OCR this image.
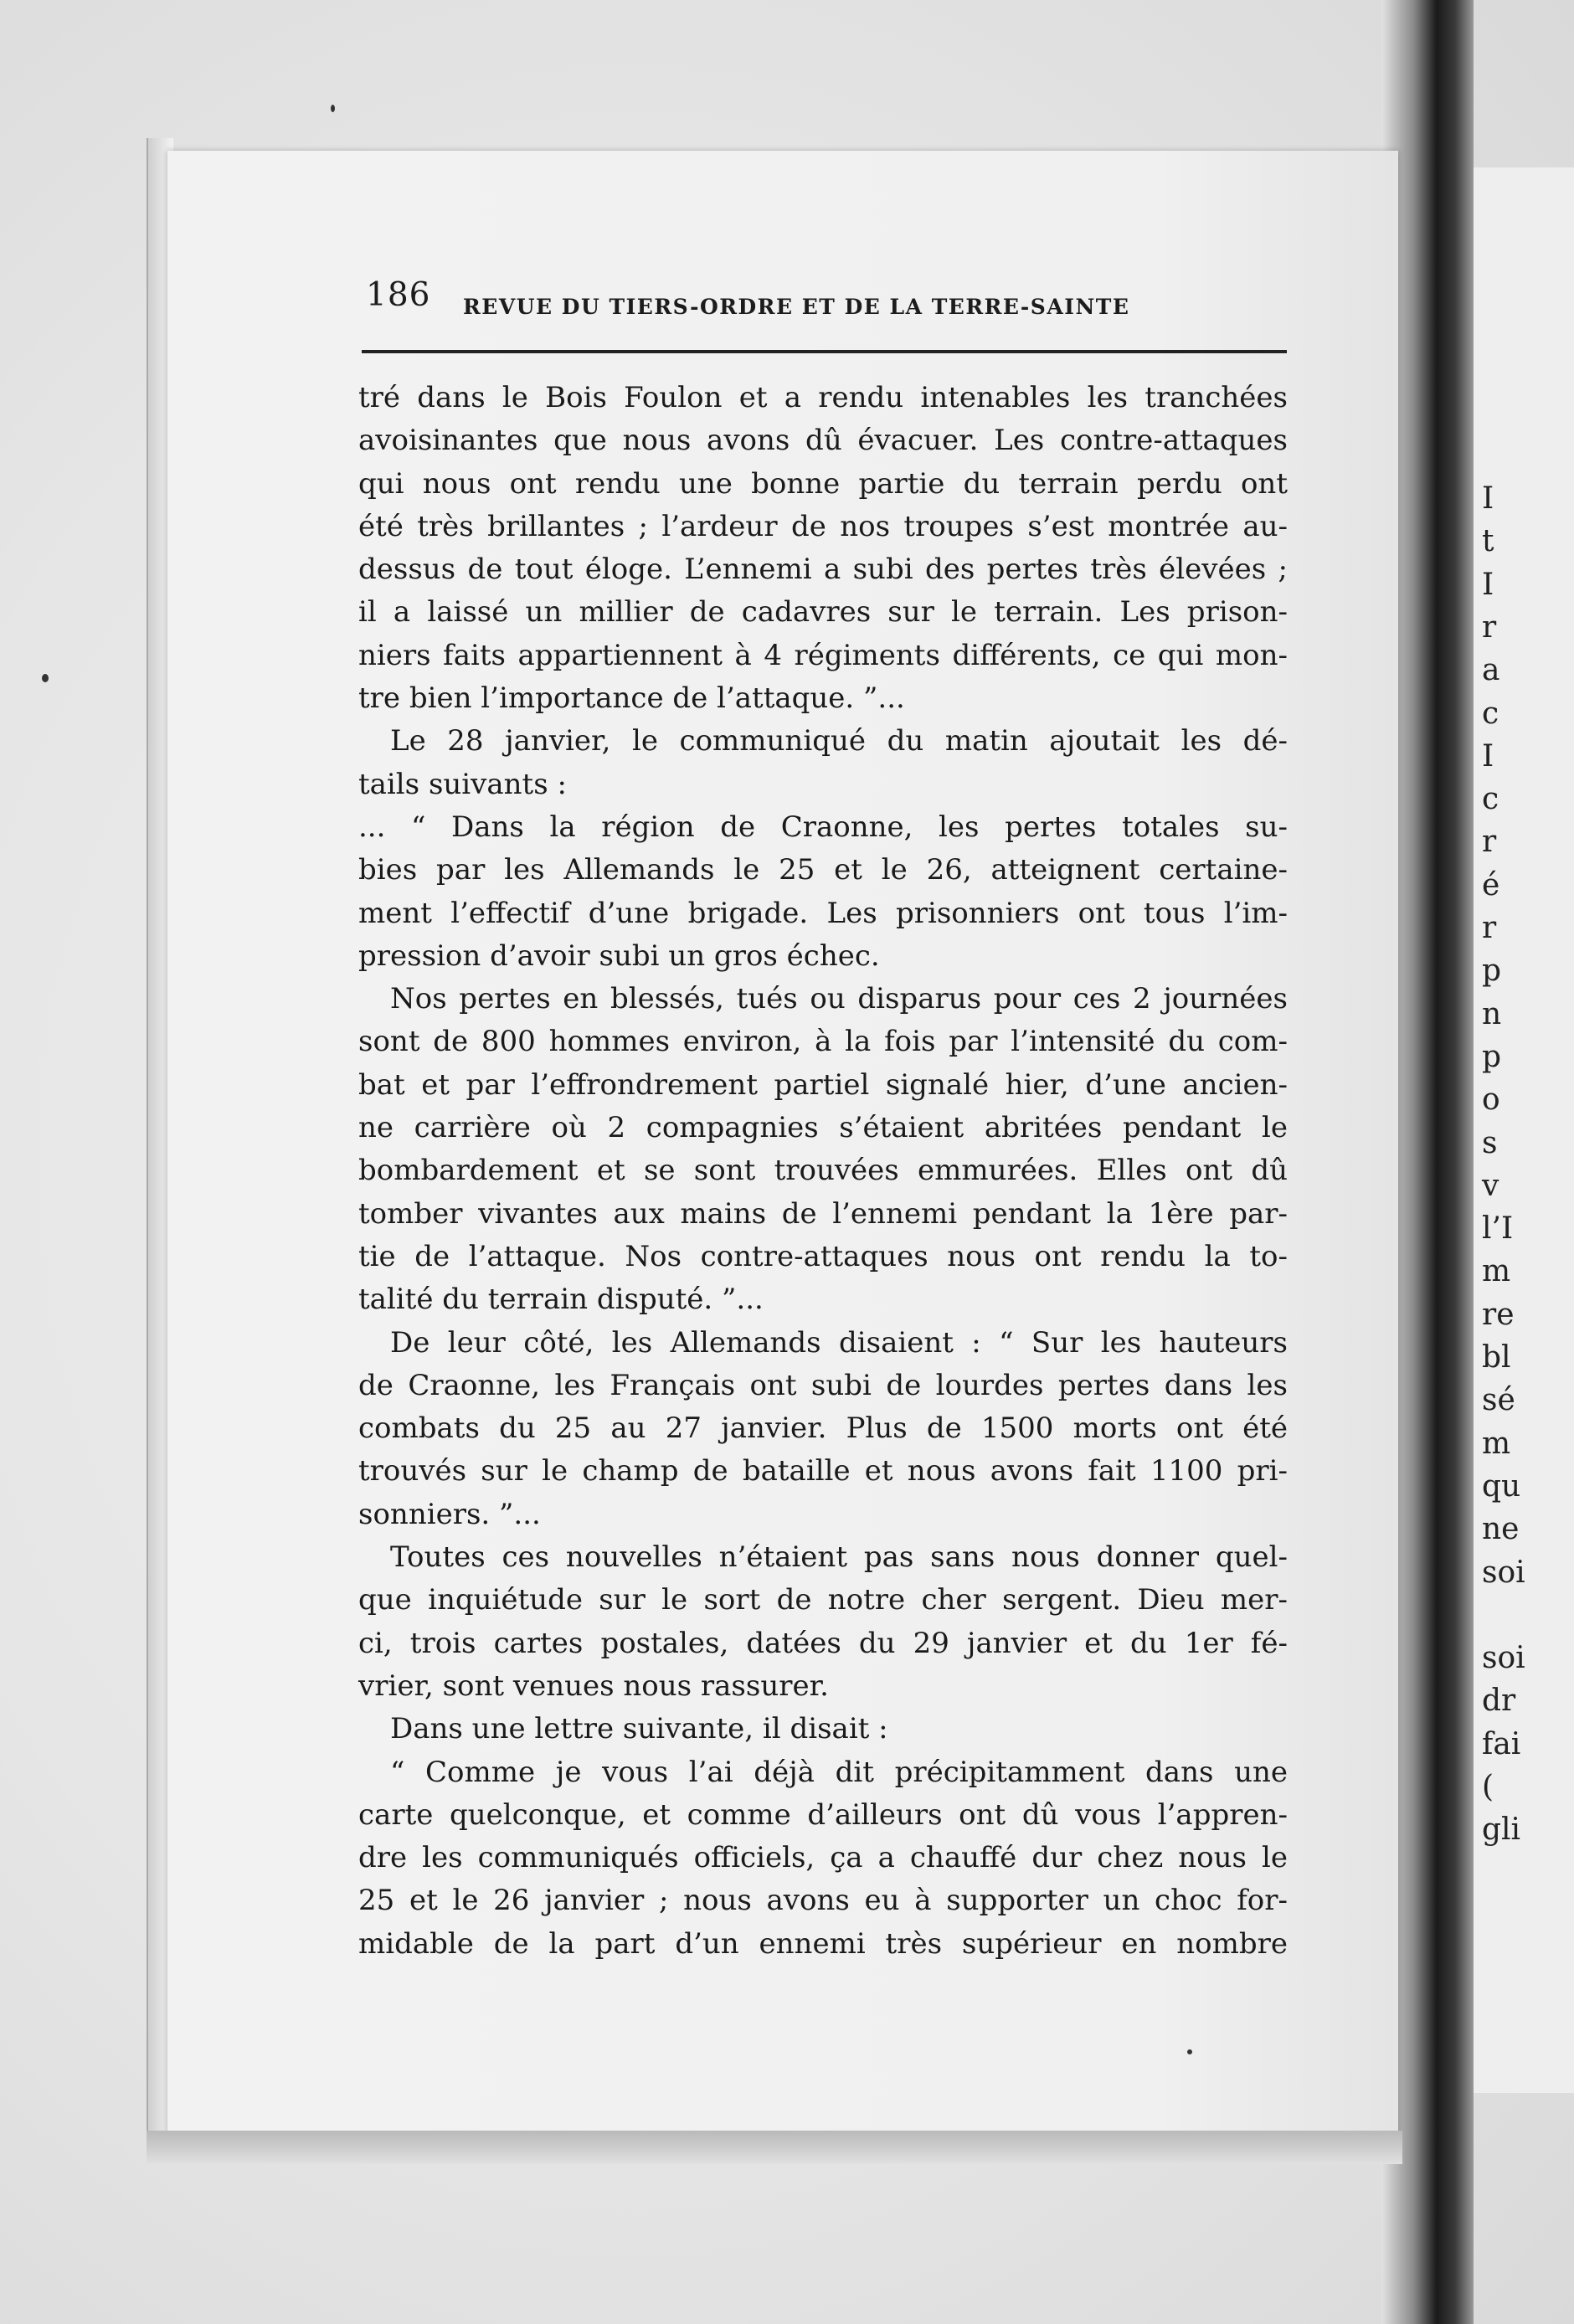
I
t
I
r
a
c
I
c
r
é
r
p
n
p
o
s
v
l’I
m
re
bl
sé
m
qu
ne
soi
soi
dr
fai
(
gli
186 REVUE DU TIERS-ORDRE ET DE LA TERRE-SAINTE
tré dans le Bois Foulon et a rendu intenables les tranchées
avoisinantes que nous avons dû évacuer. Les contre-attaques
qui nous ont rendu une bonne partie du terrain perdu ont
été très brillantes ; l’ardeur de nos troupes s’est montrée au-
dessus de tout éloge. L’ennemi a subi des pertes très élevées ;
il a laissé un millier de cadavres sur le terrain. Les prison-
niers faits appartiennent à 4 régiments différents, ce qui mon-
tre bien l’importance de l’attaque. ”...
Le 28 janvier, le communiqué du matin ajoutait les dé-
tails suivants :
... “ Dans la région de Craonne, les pertes totales su-
bies par les Allemands le 25 et le 26, atteignent certaine-
ment l’effectif d’une brigade. Les prisonniers ont tous l’im-
pression d’avoir subi un gros échec.
Nos pertes en blessés, tués ou disparus pour ces 2 journées
sont de 800 hommes environ, à la fois par l’intensité du com-
bat et par l’effrondrement partiel signalé hier, d’une ancien-
ne carrière où 2 compagnies s’étaient abritées pendant le
bombardement et se sont trouvées emmurées. Elles ont dû
tomber vivantes aux mains de l’ennemi pendant la 1ère par-
tie de l’attaque. Nos contre-attaques nous ont rendu la to-
talité du terrain disputé. ”...
De leur côté, les Allemands disaient : “ Sur les hauteurs
de Craonne, les Français ont subi de lourdes pertes dans les
combats du 25 au 27 janvier. Plus de 1500 morts ont été
trouvés sur le champ de bataille et nous avons fait 1100 pri-
sonniers. ”...
Toutes ces nouvelles n’étaient pas sans nous donner quel-
que inquiétude sur le sort de notre cher sergent. Dieu mer-
ci, trois cartes postales, datées du 29 janvier et du 1er fé-
vrier, sont venues nous rassurer.
Dans une lettre suivante, il disait :
“ Comme je vous l’ai déjà dit précipitamment dans une
carte quelconque, et comme d’ailleurs ont dû vous l’appren-
dre les communiqués officiels, ça a chauffé dur chez nous le
25 et le 26 janvier ; nous avons eu à supporter un choc for-
midable de la part d’un ennemi très supérieur en nombre
